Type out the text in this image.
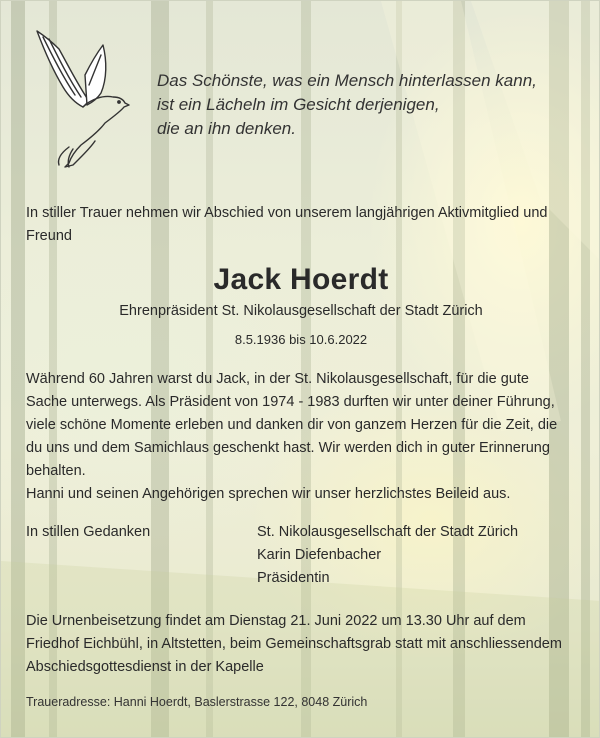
Das Schönste, was ein Mensch hinterlassen kann,
ist ein Lächeln im Gesicht derjenigen,
die an ihn denken.
In stiller Trauer nehmen wir Abschied von unserem langjährigen Aktivmitglied und Freund
Jack Hoerdt
Ehrenpräsident St. Nikolausgesellschaft der Stadt Zürich
8.5.1936 bis 10.6.2022
Während 60 Jahren warst du Jack, in der St. Nikolausgesellschaft, für die gute
Sache unterwegs. Als Präsident von 1974 - 1983 durften wir unter deiner Führung,
viele schöne Momente erleben und danken dir von ganzem Herzen für die Zeit, die
du uns und dem Samichlaus geschenkt hast. Wir werden dich in guter Erinnerung
behalten.
Hanni und seinen Angehörigen sprechen wir unser herzlichstes Beileid aus.
In stillen Gedanken	St. Nikolausgesellschaft der Stadt Zürich
Karin Diefenbacher
Präsidentin
Die Urnenbeisetzung findet am Dienstag 21. Juni 2022 um 13.30 Uhr auf dem
Friedhof Eichbühl, in Altstetten, beim Gemeinschaftsgrab statt mit anschliessendem
Abschiedsgottesdienst in der Kapelle
Traueradresse: Hanni Hoerdt, Baslerstrasse 122, 8048 Zürich
